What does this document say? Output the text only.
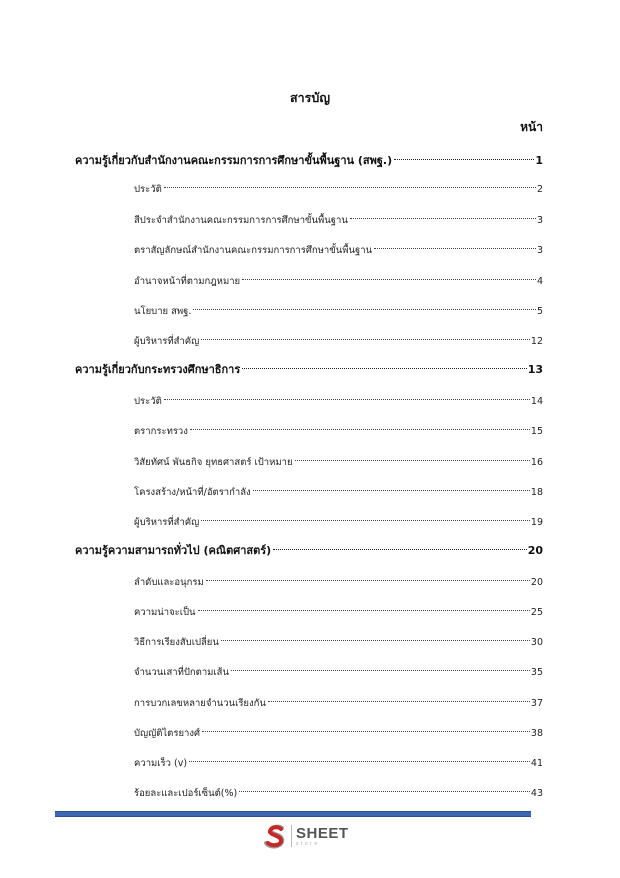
สารบัญ
หน้า
ความรู้เกี่ยวกับสำนักงานคณะกรรมการการศึกษาขั้นพื้นฐาน (สพฐ.)	1
ประวัติ	2
สีประจำสำนักงานคณะกรรมการการศึกษาขั้นพื้นฐาน	3
ตราสัญลักษณ์สำนักงานคณะกรรมการการศึกษาขั้นพื้นฐาน	3
อำนาจหน้าที่ตามกฎหมาย	4
นโยบาย สพฐ.	5
ผู้บริหารที่สำคัญ	12
ความรู้เกี่ยวกับกระทรวงศึกษาธิการ	13
ประวัติ	14
ตรากระทรวง	15
วิสัยทัศน์ พันธกิจ ยุทธศาสตร์ เป้าหมาย	16
โครงสร้าง/หน้าที่/อัตรากำลัง	18
ผู้บริหารที่สำคัญ	19
ความรู้ความสามารถทั่วไป (คณิตศาสตร์)	20
ลำดับและอนุกรม	20
ความน่าจะเป็น	25
วิธีการเรียงสับเปลี่ยน	30
จำนวนเสาที่ปักตามเส้น	35
การบวกเลขหลายจำนวนเรียงกัน	37
บัญญัติไตรยางศ์	38
ความเร็ว (v)	41
ร้อยละและเปอร์เซ็นต์(%)	43
SHEET
store
